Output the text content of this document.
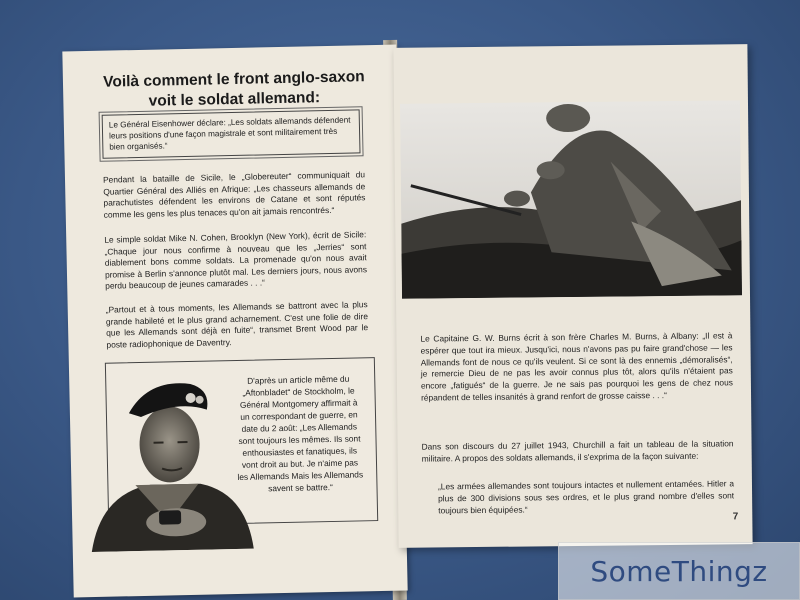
Voilà comment le front anglo-saxon voit le soldat allemand:
Le Général Eisenhower déclare: „Les soldats allemands défendent leurs positions d'une façon magistrale et sont militairement très bien organisés.“
Pendant la bataille de Sicile, le „Globereuter“ communiquait du Quartier Général des Alliés en Afrique: „Les chasseurs allemands de parachutistes défendent les environs de Catane et sont réputés comme les gens les plus tenaces qu'on ait jamais rencontrés.“
Le simple soldat Mike N. Cohen, Brooklyn (New York), écrit de Sicile: „Chaque jour nous confirme à nouveau que les „Jerries“ sont diablement bons comme soldats. La promenade qu'on nous avait promise à Berlin s'annonce plutôt mal. Les derniers jours, nous avons perdu beaucoup de jeunes camarades . . .“
„Partout et à tous moments, les Allemands se battront avec la plus grande habileté et le plus grand acharnement. C'est une folie de dire que les Allemands sont déjà en fuite“, transmet Brent Wood par le poste radiophonique de Daventry.
D'après un article même du „Aftonbladet“ de Stockholm, le Général Montgomery affirmait à un correspondant de guerre, en date du 2 août: „Les Allemands sont toujours les mêmes. Ils sont enthousiastes et fanatiques, ils vont droit au but. Je n'aime pas les Allemands Mais les Allemands savent se battre.“
Le Capitaine G. W. Burns écrit à son frère Charles M. Burns, à Albany: „Il est à espérer que tout ira mieux. Jusqu'ici, nous n'avons pas pu faire grand'chose — les Allemands font de nous ce qu'ils veulent. Si ce sont là des ennemis „démoralisés“, je remercie Dieu de ne pas les avoir connus plus tôt, alors qu'ils n'étaient pas encore „fatigués“ de la guerre. Je ne sais pas pourquoi les gens de chez nous répandent de telles insanités à grand renfort de grosse caisse . . .“
Dans son discours du 27 juillet 1943, Churchill a fait un tableau de la situation militaire. A propos des soldats allemands, il s'exprima de la façon suivante:
„Les armées allemandes sont toujours intactes et nullement entamées. Hitler a plus de 300 divisions sous ses ordres, et le plus grand nombre d'elles sont toujours bien équipées.“
7
SomeThingz
